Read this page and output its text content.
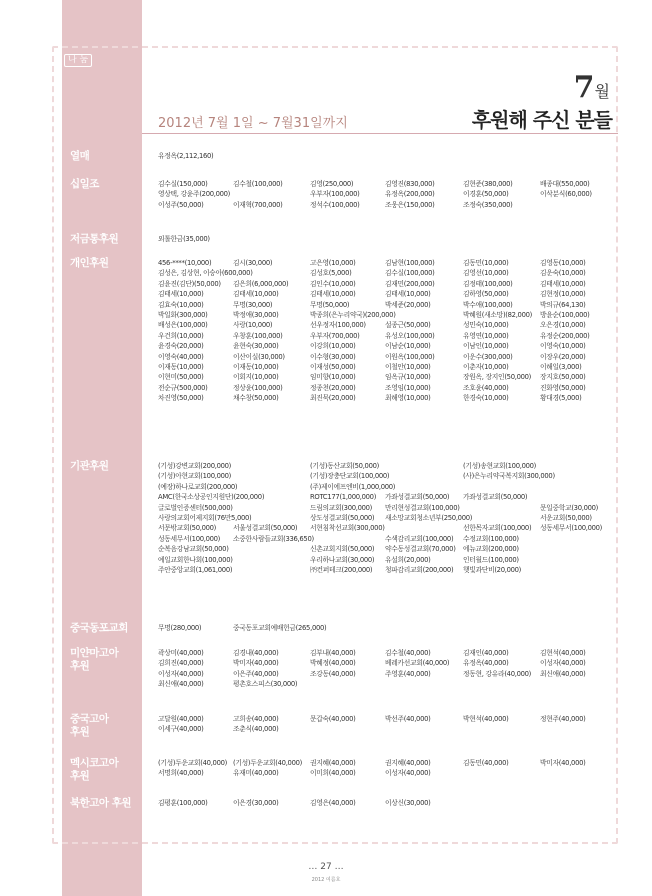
나 눔
7월
2012년 7월 1일 ~ 7월31일까지	후원해 주신 분들
열매	유정옥(2,112,160)
십일조	김수실(150,000)	김수철(100,000)	김영(250,000)	김영진(830,000)	김현준(380,000)	배종대(550,000)
영상택, 강윤주(200,000)	우부자(100,000)	유정옥(200,000)	이경훈(50,000)	이삭분식(60,000)
이성주(50,000)	이재혁(700,000)	정석수(100,000)	조웅은(150,000)	조정숙(350,000)
저금통후원	외톨한금(35,000)
개인후원	456-****(10,000)	김시(30,000)	고은영(10,000)	김남현(100,000)	김동민(10,000)	김영동(10,000)
김성은, 김상현, 이승아(600,000)	김성호(5,000)	김수실(100,000)	김영선(10,000)	김운숙(10,000)
김윤진(김단)(50,000) 김은희(6,000,000)	김인수(10,000)	김재민(200,000)	김정태(100,000)	김태세(10,000)
김태세(10,000)	김태세(10,000)	김태세(10,000)	김태세(10,000)	김하영(50,000)	김현정(10,000)
김효숙(10,000)	무명(30,000)	무명(50,000)	박세준(20,000)	박수애(100,000)	박의규(64,130)
박일화(300,000)	박정애(30,000)	박종희(은누리약국)(200,000)	박혜원(새소망)(82,000) 방윤순(100,000)
배성은(100,000)	사랑(10,000)	선우정자(100,000)	설종근(50,000)	성민숙(10,000)	오은경(10,000)
우건희(10,000)	우창훈(100,000)	우부자(700,000)	유성오(100,000)	유영연(10,000)	유정순(200,000)
윤경숙(20,000)	윤현숙(30,000)	이강희(10,000)	이남순(10,000)	이남인(10,000)	이영숙(10,000)
이영숙(40,000)	이산이실(30,000)	이수형(30,000)	이원옥(100,000)	이운수(300,000)	이장우(20,000)
이재동(10,000)	이재동(10,000)	이재성(50,000)	이철안(10,000)	이춘자(10,000)	이해일(3,000)
이현미(50,000)	이회지(10,000)	임미향(10,000)	임옥규(10,000)	장원옥, 장지인(50,000) 장지호(50,000)
전순규(500,000)	정상윤(100,000)	정종천(20,000)	조영임(10,000)	조호윤(40,000)	진화영(50,000)
차진영(50,000)	채수창(50,000)	최진묵(20,000)	최해영(10,000)	한경숙(10,000)	황대경(5,000)
기관후원	(기성)강변교회(200,000)	(기성)동산교회(50,000)	(기성)송현교회(100,000)
(기성)아현교회(100,000)	(기성)장충단교회(100,000)	(사)은누리약국복지회(300,000)
(예장)하나로교회(200,000)	(주)제이에프엔비(1,000,000)
AMC(한국소상공인지원단)(200,000)	ROTC177(1,000,000) 가좌성결교회(50,000) 가좌성결교회(50,000)
글로벌인증센터(500,000)	드림의교회(300,000) 만리현성결교회(100,000)	문일중학교(30,000)
사랑의교회어제지회(76만5,000)	상도성결교회(50,000) 새소망교회청소년부(250,000)	서운교회(50,000)
서문밖교회(50,000) 서울성결교회(50,000) 서현침착선교회(300,000)	선한목자교회(100,000) 성동세무서(100,000)
성동세무서(100,000) 소중한사람들교회(336,650)	수색감리교회(100,000) 수정교회(100,000)
순복음강남교회(50,000)	신촌교회지회(50,000) 약수동성결교회(70,000) 에뉴교회(200,000)
예일교회한나회(100,000)	우리하나교회(30,000) 유설희(20,000)	인터월드(100,000)
주안중앙교회(1,061,000)	㈜컨퍼테크(200,000) 청파감리교회(200,000) 햇빛과단비(20,000)
중국동포교회	무명(280,000)	중국동포교회예배헌금(265,000)
미얀마고아
후원
곽상미(40,000)	김경내(40,000)	김부내(40,000)	김수철(40,000)	김재인(40,000)	김현석(40,000)
김희진(40,000)	박미자(40,000)	박혜정(40,000)	베레카선교회(40,000) 유정옥(40,000)	이성자(40,000)
이성자(40,000)	이은주(40,000)	조강동(40,000)	주영훈(40,000)	정동현, 강유라(40,000) 최신애(40,000)
최신애(40,000)	평촌호스피스(30,000)
중국고아
후원
고달원(40,000)	고희송(40,000)	문갑숙(40,000)	박선주(40,000)	박현석(40,000)	정현주(40,000)
이세구(40,000)	조춘식(40,000)
멕시코고아
후원
(기성)두운교회(40,000) (기성)두운교회(40,000) 권지혜(40,000)	권지혜(40,000)	김동민(40,000)	박미자(40,000)
서명희(40,000)	유재미(40,000)	이미희(40,000)	이성자(40,000)
북한고아 후원	김평훈(100,000)	이은경(30,000)	김영은(40,000)	이상신(30,000)
… 27 …
2012 여름호
